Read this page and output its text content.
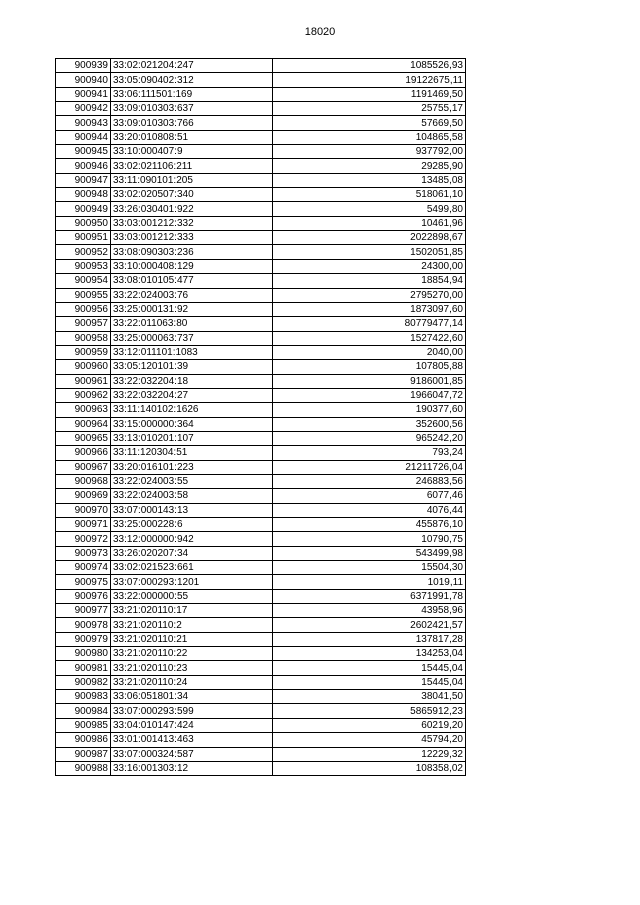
18020
900939	33:02:021204:247	1085526,93
900940	33:05:090402:312	19122675,11
900941	33:06:111501:169	1191469,50
900942	33:09:010303:637	25755,17
900943	33:09:010303:766	57669,50
900944	33:20:010808:51	104865,58
900945	33:10:000407:9	937792,00
900946	33:02:021106:211	29285,90
900947	33:11:090101:205	13485,08
900948	33:02:020507:340	518061,10
900949	33:26:030401:922	5499,80
900950	33:03:001212:332	10461,96
900951	33:03:001212:333	2022898,67
900952	33:08:090303:236	1502051,85
900953	33:10:000408:129	24300,00
900954	33:08:010105:477	18854,94
900955	33:22:024003:76	2795270,00
900956	33:25:000131:92	1873097,60
900957	33:22:011063:80	80779477,14
900958	33:25:000063:737	1527422,60
900959	33:12:011101:1083	2040,00
900960	33:05:120101:39	107805,88
900961	33:22:032204:18	9186001,85
900962	33:22:032204:27	1966047,72
900963	33:11:140102:1626	190377,60
900964	33:15:000000:364	352600,56
900965	33:13:010201:107	965242,20
900966	33:11:120304:51	793,24
900967	33:20:016101:223	21211726,04
900968	33:22:024003:55	246883,56
900969	33:22:024003:58	6077,46
900970	33:07:000143:13	4076,44
900971	33:25:000228:6	455876,10
900972	33:12:000000:942	10790,75
900973	33:26:020207:34	543499,98
900974	33:02:021523:661	15504,30
900975	33:07:000293:1201	1019,11
900976	33:22:000000:55	6371991,78
900977	33:21:020110:17	43958,96
900978	33:21:020110:2	2602421,57
900979	33:21:020110:21	137817,28
900980	33:21:020110:22	134253,04
900981	33:21:020110:23	15445,04
900982	33:21:020110:24	15445,04
900983	33:06:051801:34	38041,50
900984	33:07:000293:599	5865912,23
900985	33:04:010147:424	60219,20
900986	33:01:001413:463	45794,20
900987	33:07:000324:587	12229,32
900988	33:16:001303:12	108358,02
